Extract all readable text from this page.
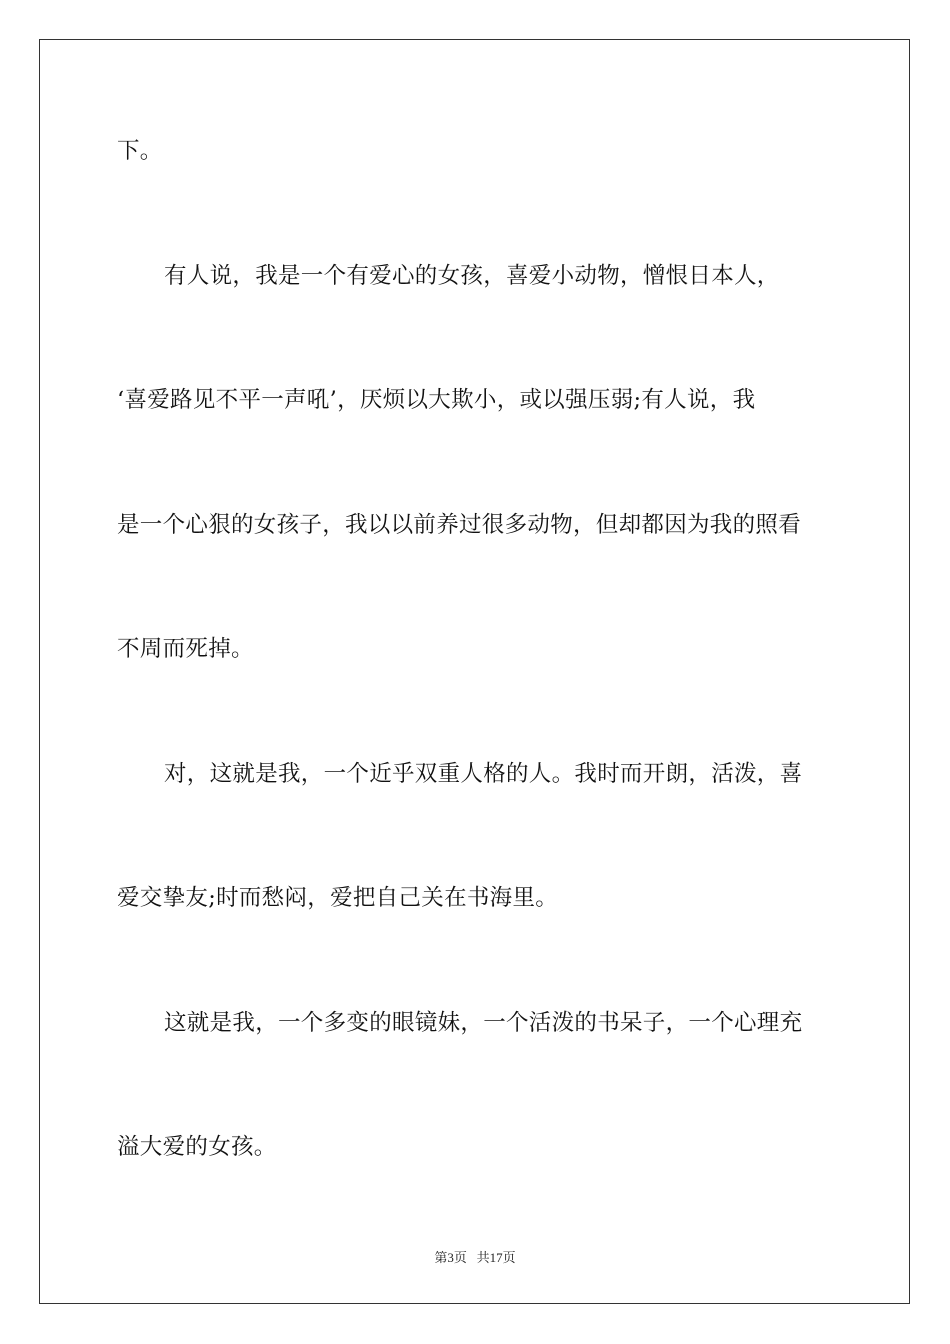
下。
有人说，我是一个有爱心的女孩，喜爱小动物，憎恨日本人，
‘喜爱路见不平一声吼’，厌烦以大欺小，或以强压弱;有人说，我
是一个心狠的女孩子，我以以前养过很多动物，但却都因为我的照看
不周而死掉。
对，这就是我，一个近乎双重人格的人。我时而开朗，活泼，喜
爱交挚友;时而愁闷，爱把自己关在书海里。
这就是我，一个多变的眼镜妹，一个活泼的书呆子，一个心理充
溢大爱的女孩。
第3页 共17页
